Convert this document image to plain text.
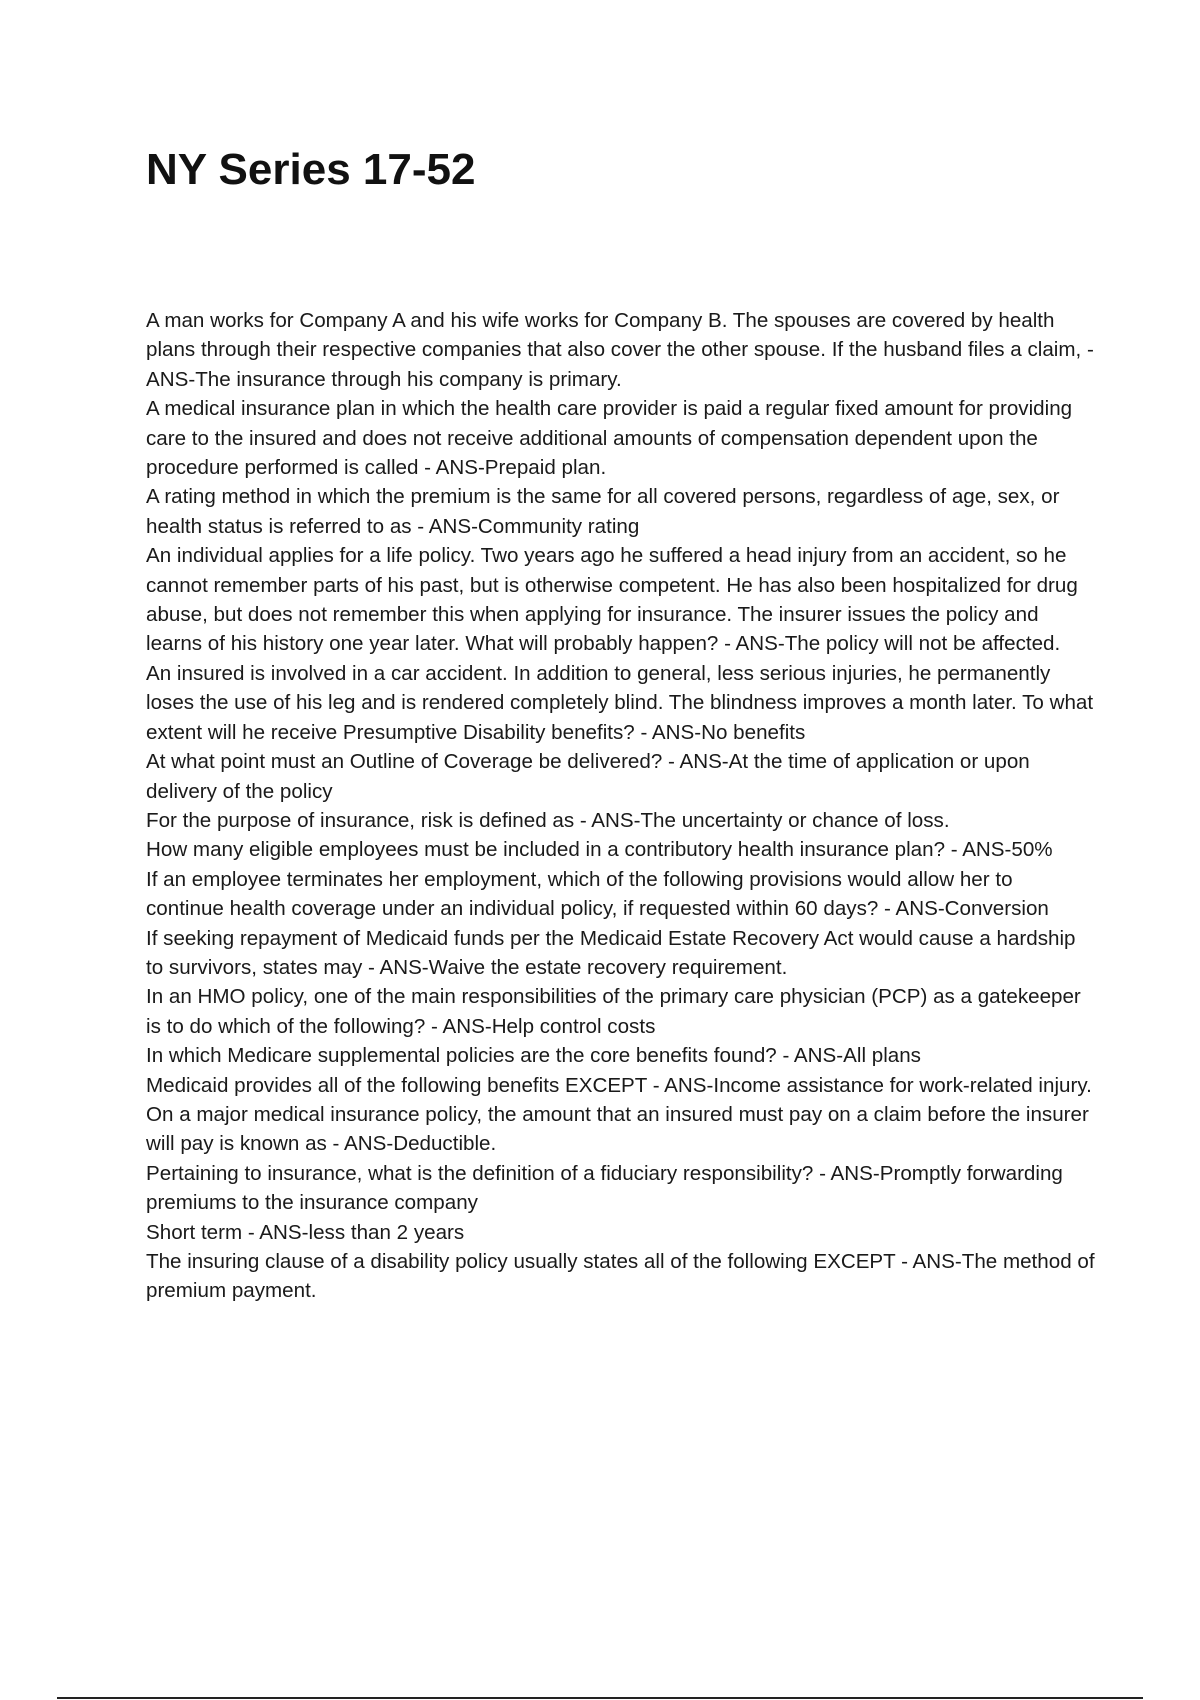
NY Series 17-52
A man works for Company A and his wife works for Company B. The spouses are covered by health plans through their respective companies that also cover the other spouse. If the husband files a claim, - ANS-The insurance through his company is primary.
A medical insurance plan in which the health care provider is paid a regular fixed amount for providing care to the insured and does not receive additional amounts of compensation dependent upon the procedure performed is called - ANS-Prepaid plan.
A rating method in which the premium is the same for all covered persons, regardless of age, sex, or health status is referred to as - ANS-Community rating
An individual applies for a life policy. Two years ago he suffered a head injury from an accident, so he cannot remember parts of his past, but is otherwise competent. He has also been hospitalized for drug abuse, but does not remember this when applying for insurance. The insurer issues the policy and learns of his history one year later. What will probably happen? - ANS-The policy will not be affected.
An insured is involved in a car accident. In addition to general, less serious injuries, he permanently loses the use of his leg and is rendered completely blind. The blindness improves a month later. To what extent will he receive Presumptive Disability benefits? - ANS-No benefits
At what point must an Outline of Coverage be delivered? - ANS-At the time of application or upon delivery of the policy
For the purpose of insurance, risk is defined as - ANS-The uncertainty or chance of loss.
How many eligible employees must be included in a contributory health insurance plan? - ANS-50%
If an employee terminates her employment, which of the following provisions would allow her to continue health coverage under an individual policy, if requested within 60 days? - ANS-Conversion
If seeking repayment of Medicaid funds per the Medicaid Estate Recovery Act would cause a hardship to survivors, states may - ANS-Waive the estate recovery requirement.
In an HMO policy, one of the main responsibilities of the primary care physician (PCP) as a gatekeeper is to do which of the following? - ANS-Help control costs
In which Medicare supplemental policies are the core benefits found? - ANS-All plans
Medicaid provides all of the following benefits EXCEPT - ANS-Income assistance for work-related injury.
On a major medical insurance policy, the amount that an insured must pay on a claim before the insurer will pay is known as - ANS-Deductible.
Pertaining to insurance, what is the definition of a fiduciary responsibility? - ANS-Promptly forwarding premiums to the insurance company
Short term - ANS-less than 2 years
The insuring clause of a disability policy usually states all of the following EXCEPT - ANS-The method of premium payment.
